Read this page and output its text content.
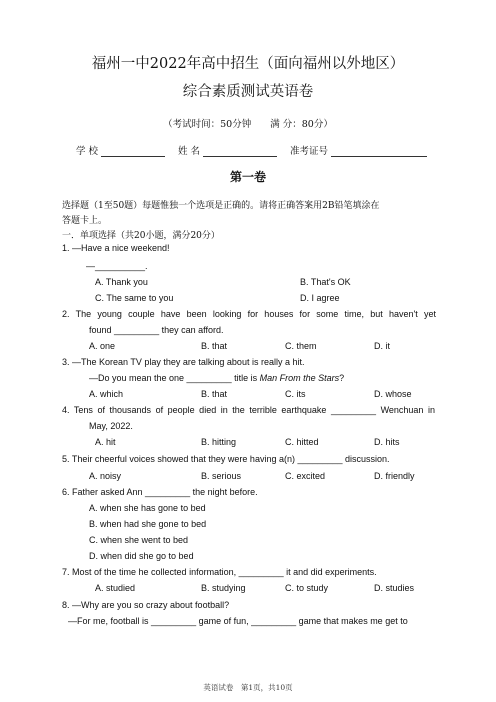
福州一中2022年高中招生（面向福州以外地区）
综合素质测试英语卷
（考试时间：50分钟　　满 分：80分）
学 校	姓 名	准考证号
第一卷
选择题（1至50题）每题惟独一个选项是正确的。请将正确答案用2B铅笔填涂在
答题卡上。
一．单项选择（共20小题，满分20分）
1. —Have a nice weekend!
—__________.
A. Thank you	B. That's OK
C. The same to you	D. I agree
2. The young couple have been looking for houses for some time, but haven't yet
found _________ they can afford.
A. one	B. that	C. them	D. it
3. —The Korean TV play they are talking about is really a hit.
—Do you mean the one _________ title is Man From the Stars?
A. which	B. that	C. its	D. whose
4. Tens of thousands of people died in the terrible earthquake _________ Wenchuan in
May, 2022.
A. hit	B. hitting	C. hitted	D. hits
5. Their cheerful voices showed that they were having a(n) _________ discussion.
A. noisy	B. serious	C. excited	D. friendly
6. Father asked Ann _________ the night before.
A. when she has gone to bed
B. when had she gone to bed
C. when she went to bed
D. when did she go to bed
7. Most of the time he collected information, _________ it and did experiments.
A. studied	B. studying	C. to study	D. studies
8. —Why are you so crazy about football?
—For me, football is _________ game of fun, _________ game that makes me get to
英语试卷　第1页，共10页
